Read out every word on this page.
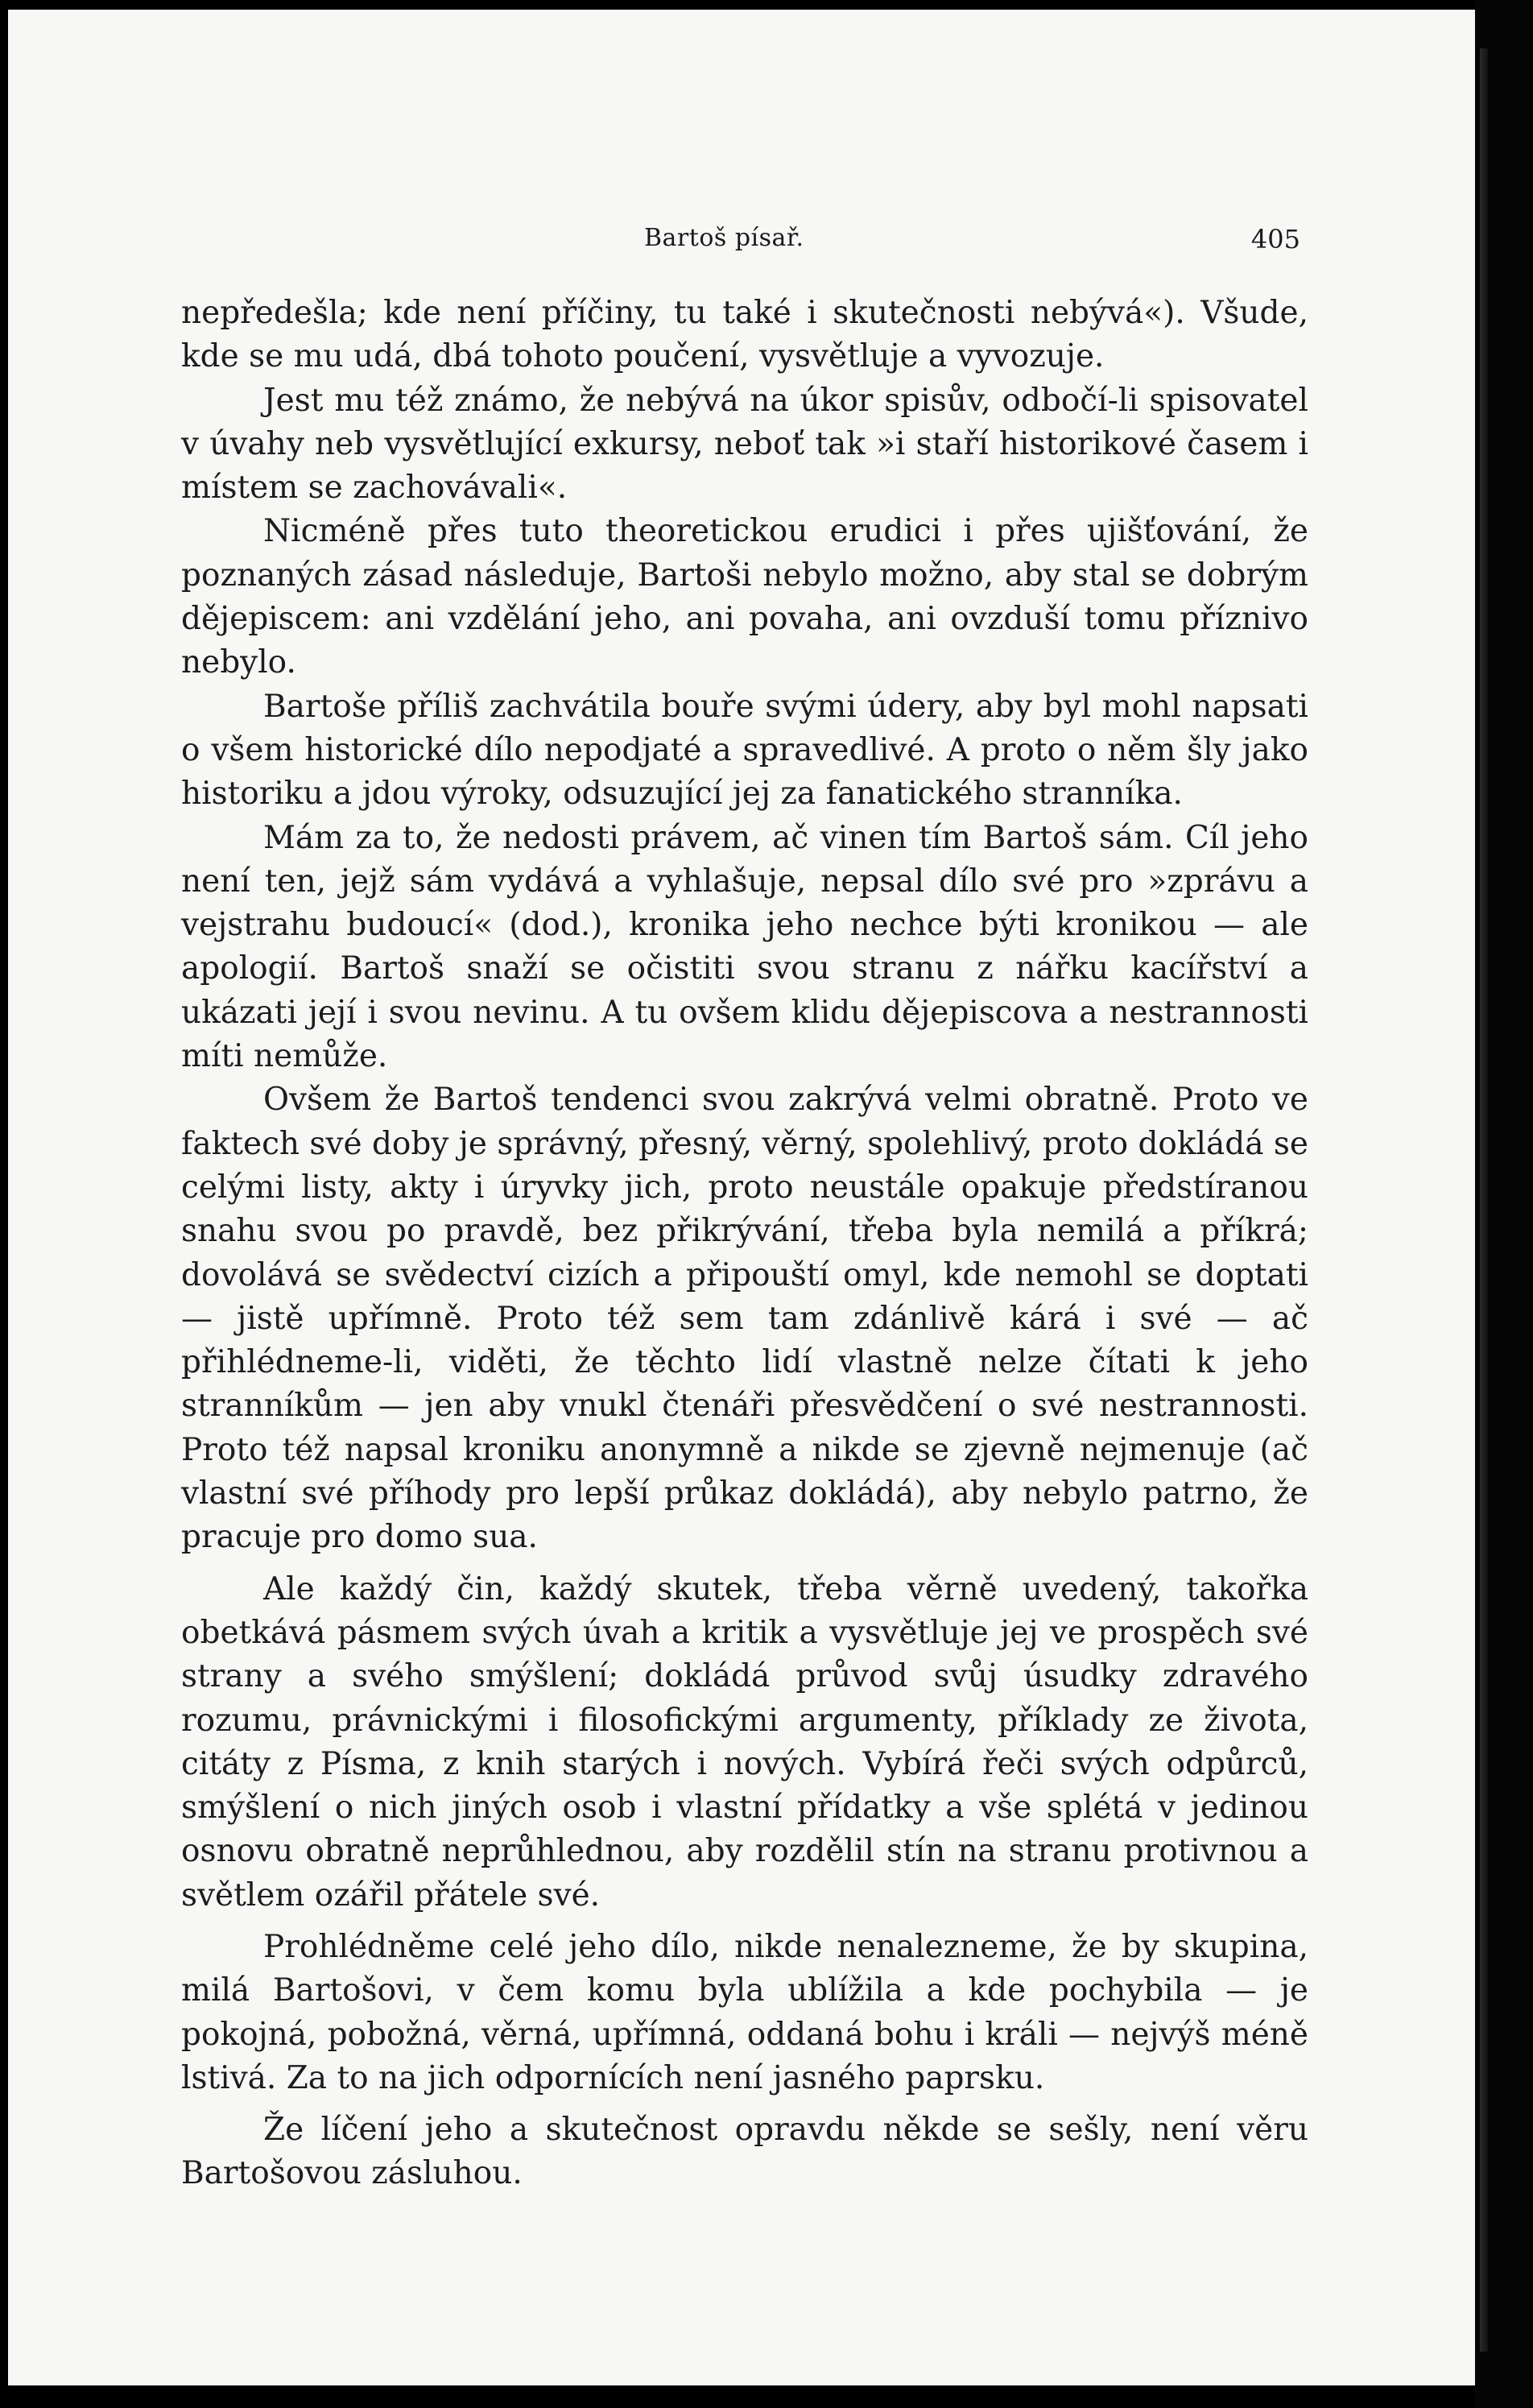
Bartoš písař.	405

nepředešla; kde není příčiny, tu také i skutečnosti nebývá«). Všude, kde se mu udá, dbá tohoto poučení, vysvětluje a vyvozuje.

Jest mu též známo, že nebývá na úkor spisův, odbočí-li spisovatel v úvahy neb vysvětlující exkursy, neboť tak »i staří historikové časem i místem se zachovávali«.

Nicméně přes tuto theoretickou erudici i přes ujišťování, že poznaných zásad následuje, Bartoši nebylo možno, aby stal se dobrým dějepiscem: ani vzdělání jeho, ani povaha, ani ovzduší tomu příznivo nebylo.

Bartoše příliš zachvátila bouře svými údery, aby byl mohl napsati o všem historické dílo nepodjaté a spravedlivé. A proto o něm šly jako historiku a jdou výroky, odsuzující jej za fanatického stranníka.

Mám za to, že nedosti právem, ač vinen tím Bartoš sám. Cíl jeho není ten, jejž sám vydává a vyhlašuje, nepsal dílo své pro »zprávu a vejstrahu budoucí« (dod.), kronika jeho nechce býti kronikou — ale apologií. Bartoš snaží se očistiti svou stranu z nářku kacířství a ukázati její i svou nevinu. A tu ovšem klidu dějepiscova a nestrannosti míti nemůže.

Ovšem že Bartoš tendenci svou zakrývá velmi obratně. Proto ve faktech své doby je správný, přesný, věrný, spolehlivý, proto dokládá se celými listy, akty i úryvky jich, proto neustále opakuje předstíranou snahu svou po pravdě, bez přikrývání, třeba byla nemilá a příkrá; dovolává se svědectví cizích a připouští omyl, kde nemohl se doptati — jistě upřímně. Proto též sem tam zdánlivě kárá i své — ač přihlédneme-li, viděti, že těchto lidí vlastně nelze čítati k jeho stranníkům — jen aby vnukl čtenáři přesvědčení o své nestrannosti. Proto též napsal kroniku anonymně a nikde se zjevně nejmenuje (ač vlastní své příhody pro lepší průkaz dokládá), aby nebylo patrno, že pracuje pro domo sua.

Ale každý čin, každý skutek, třeba věrně uvedený, takořka obetkává pásmem svých úvah a kritik a vysvětluje jej ve prospěch své strany a svého smýšlení; dokládá průvod svůj úsudky zdravého rozumu, právnickými i filosofickými argumenty, příklady ze života, citáty z Písma, z knih starých i nových. Vybírá řeči svých odpůrců, smýšlení o nich jiných osob i vlastní přídatky a vše splétá v jedinou osnovu obratně neprůhlednou, aby rozdělil stín na stranu protivnou a světlem ozářil přátele své.

Prohlédněme celé jeho dílo, nikde nenalezneme, že by skupina, milá Bartošovi, v čem komu byla ublížila a kde pochybila — je pokojná, pobožná, věrná, upřímná, oddaná bohu i králi — nejvýš méně lstivá. Za to na jich odpornících není jasného paprsku.

Že líčení jeho a skutečnost opravdu někde se sešly, není věru Bartošovou zásluhou.
